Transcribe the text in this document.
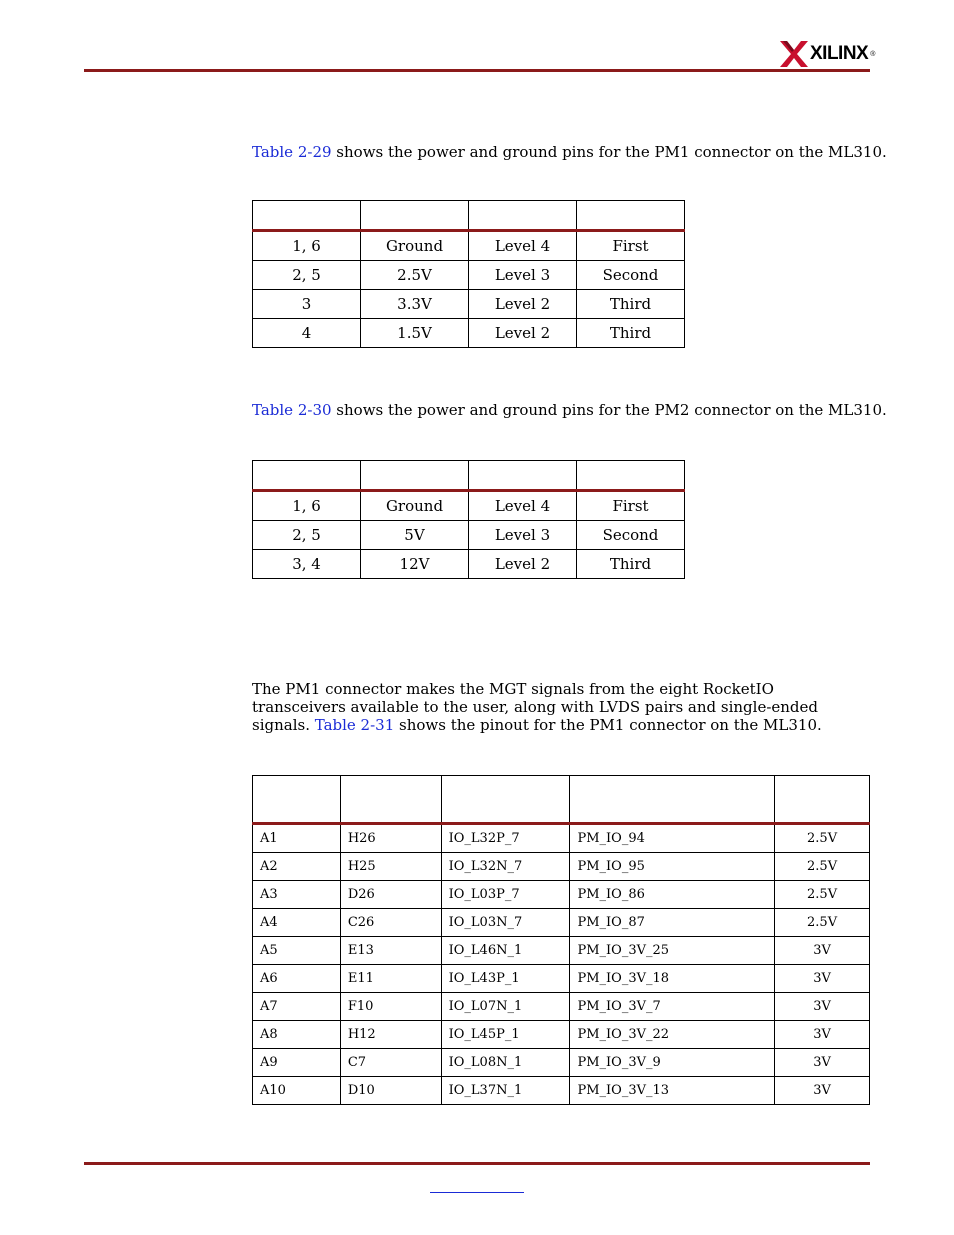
XILINX ®

Table 2-29 shows the power and ground pins for the PM1 connector on the ML310.

1, 6	Ground	Level 4	First
2, 5	2.5V	Level 3	Second
3	3.3V	Level 2	Third
4	1.5V	Level 2	Third

Table 2-30 shows the power and ground pins for the PM2 connector on the ML310.

1, 6	Ground	Level 4	First
2, 5	5V	Level 3	Second
3, 4	12V	Level 2	Third

The PM1 connector makes the MGT signals from the eight RocketIO transceivers available to the user, along with LVDS pairs and single-ended signals. Table 2-31 shows the pinout for the PM1 connector on the ML310.

A1	H26	IO_L32P_7	PM_IO_94	2.5V
A2	H25	IO_L32N_7	PM_IO_95	2.5V
A3	D26	IO_L03P_7	PM_IO_86	2.5V
A4	C26	IO_L03N_7	PM_IO_87	2.5V
A5	E13	IO_L46N_1	PM_IO_3V_25	3V
A6	E11	IO_L43P_1	PM_IO_3V_18	3V
A7	F10	IO_L07N_1	PM_IO_3V_7	3V
A8	H12	IO_L45P_1	PM_IO_3V_22	3V
A9	C7	IO_L08N_1	PM_IO_3V_9	3V
A10	D10	IO_L37N_1	PM_IO_3V_13	3V
